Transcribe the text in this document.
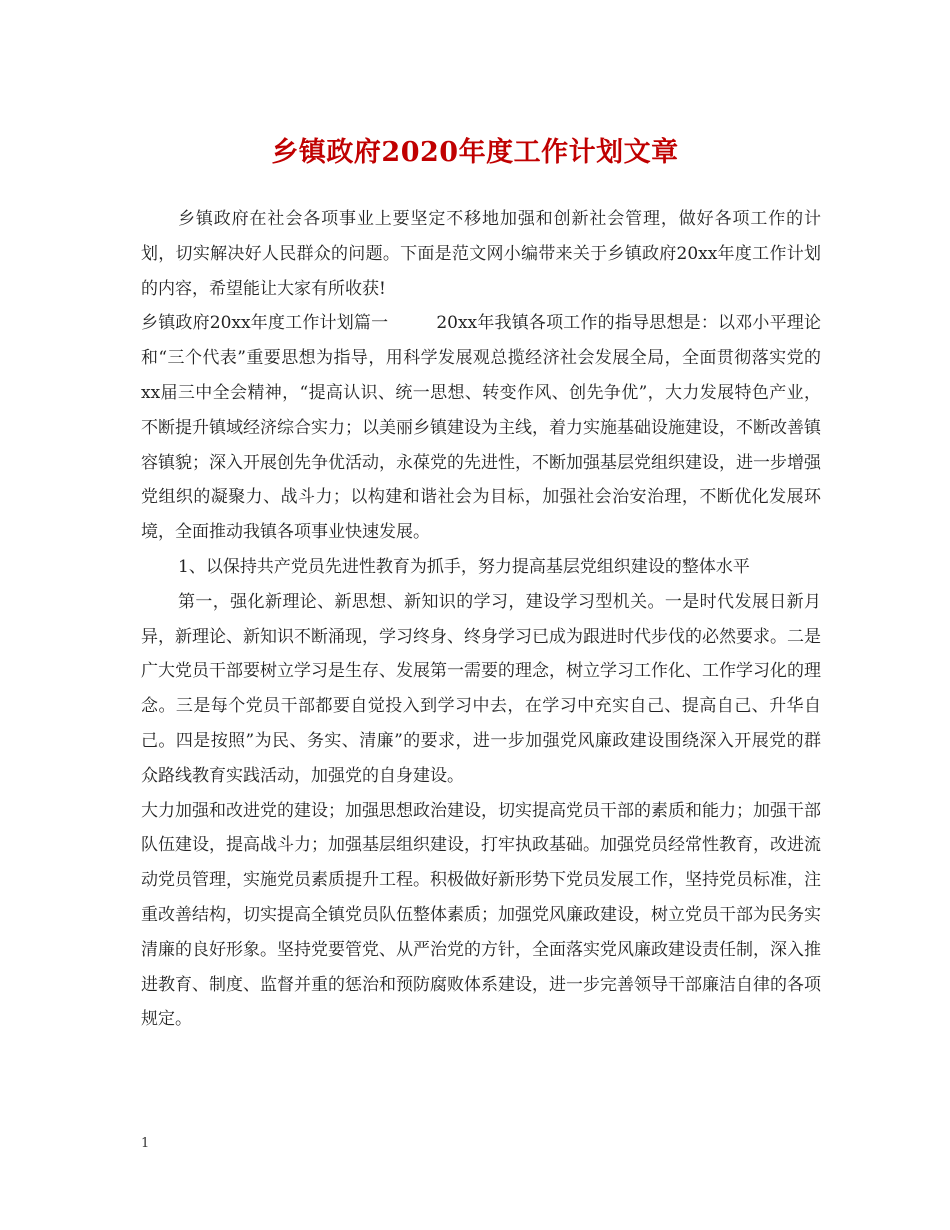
乡镇政府2020年度工作计划文章

乡镇政府在社会各项事业上要坚定不移地加强和创新社会管理，做好各项工作的计划，切实解决好人民群众的问题。下面是范文网小编带来关于乡镇政府20xx年度工作计划的内容，希望能让大家有所收获!

乡镇政府20xx年度工作计划篇一	20xx年我镇各项工作的指导思想是：以邓小平理论和“三个代表”重要思想为指导，用科学发展观总揽经济社会发展全局，全面贯彻落实党的xx届三中全会精神，“提高认识、统一思想、转变作风、创先争优”，大力发展特色产业，不断提升镇域经济综合实力；以美丽乡镇建设为主线，着力实施基础设施建设，不断改善镇容镇貌；深入开展创先争优活动，永葆党的先进性，不断加强基层党组织建设，进一步增强党组织的凝聚力、战斗力；以构建和谐社会为目标，加强社会治安治理，不断优化发展环境，全面推动我镇各项事业快速发展。

1、以保持共产党员先进性教育为抓手，努力提高基层党组织建设的整体水平

第一，强化新理论、新思想、新知识的学习，建设学习型机关。一是时代发展日新月异，新理论、新知识不断涌现，学习终身、终身学习已成为跟进时代步伐的必然要求。二是广大党员干部要树立学习是生存、发展第一需要的理念，树立学习工作化、工作学习化的理念。三是每个党员干部都要自觉投入到学习中去，在学习中充实自己、提高自己、升华自己。四是按照”为民、务实、清廉”的要求，进一步加强党风廉政建设围绕深入开展党的群众路线教育实践活动，加强党的自身建设。

大力加强和改进党的建设；加强思想政治建设，切实提高党员干部的素质和能力；加强干部队伍建设，提高战斗力；加强基层组织建设，打牢执政基础。加强党员经常性教育，改进流动党员管理，实施党员素质提升工程。积极做好新形势下党员发展工作，坚持党员标准，注重改善结构，切实提高全镇党员队伍整体素质；加强党风廉政建设，树立党员干部为民务实清廉的良好形象。坚持党要管党、从严治党的方针，全面落实党风廉政建设责任制，深入推进教育、制度、监督并重的惩治和预防腐败体系建设，进一步完善领导干部廉洁自律的各项规定。

1
